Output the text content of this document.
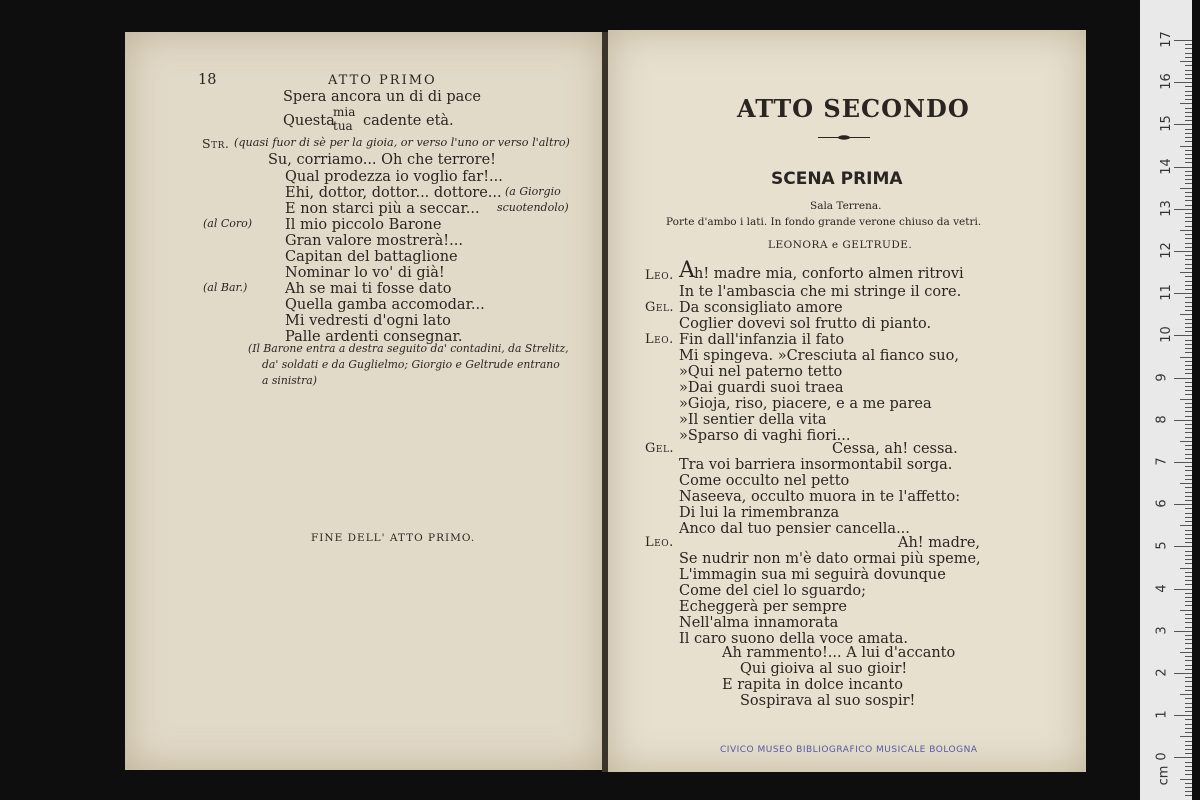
18	ATTO PRIMO
Spera ancora un di di pace
Questa cadente età.
Su, corriamo... Oh che terrore!
Qual prodezza io voglio far!...
Ehi, dottor, dottor... dottore...
E non starci più a seccar...
Il mio piccolo Barone
Gran valore mostrerà!...
Capitan del battaglione
Nominar lo vo' di già!
Ah se mai ti fosse dato
Quella gamba accomodar...
Mi vedresti d'ogni lato
Palle ardenti consegnar.
mia
tua
Str. (quasi fuor di sè per la gioia, or verso l'uno or verso l'altro)
(a Giorgio
scuotendolo)
(al Coro)
(al Bar.)
(Il Barone entra a destra seguito da' contadini, da Strelitz,
da' soldati e da Guglielmo; Giorgio e Geltrude entrano
a sinistra)
FINE DELL' ATTO PRIMO.
ATTO SECONDO
SCENA PRIMA
Sala Terrena.
Porte d'ambo i lati. In fondo grande verone chiuso da vetri.
LEONORA e GELTRUDE.
Leo.
Gel.
Leo.
Gel.
Leo.
A h! madre mia, conforto almen ritrovi
In te l'ambascia che mi stringe il core.
Da sconsigliato amore
Coglier dovevi sol frutto di pianto.
Fin dall'infanzia il fato
Mi spingeva. »Cresciuta al fianco suo,
»Qui nel paterno tetto
»Dai guardi suoi traea
»Gioja, riso, piacere, e a me parea
»Il sentier della vita
»Sparso di vaghi fiori...
Cessa, ah! cessa.
Tra voi barriera insormontabil sorga.
Come occulto nel petto
Naseeva, occulto muora in te l'affetto:
Di lui la rimembranza
Anco dal tuo pensier cancella...
Ah! madre,
Se nudrir non m'è dato ormai più speme,
L'immagin sua mi seguirà dovunque
Come del ciel lo sguardo;
Echeggerà per sempre
Nell'alma innamorata
Il caro suono della voce amata.
Ah rammento!... A lui d'accanto
Qui gioiva al suo gioir!
E rapita in dolce incanto
Sospirava al suo sospir!
CIVICO MUSEO BIBLIOGRAFICO MUSICALE BOLOGNA
17
16
15
14
13
12
11
10
9
8
7
6
5
4
3
2
1
0
cm
